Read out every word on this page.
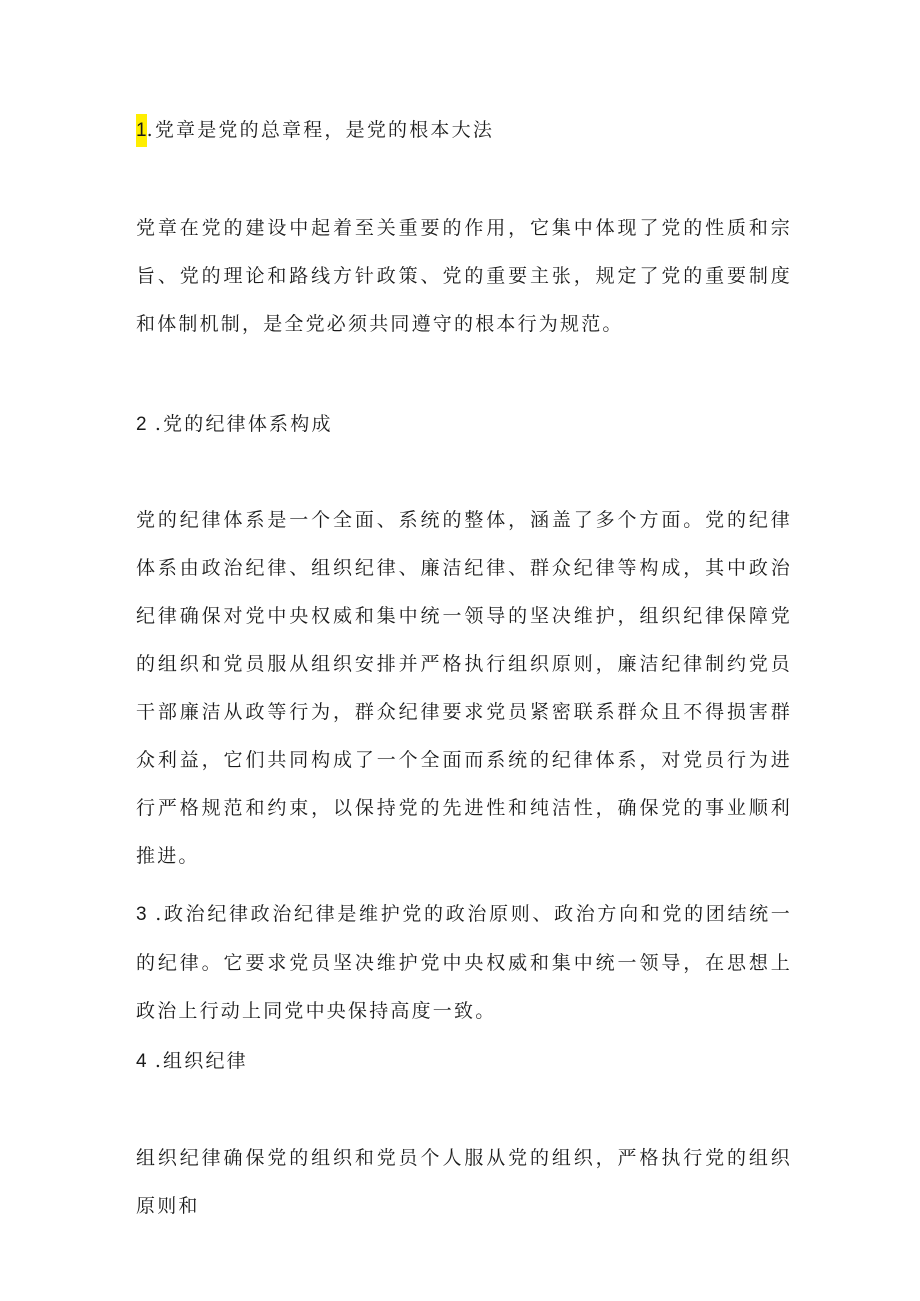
1.党章是党的总章程，是党的根本大法

党章在党的建设中起着至关重要的作用，它集中体现了党的性质和宗旨、党的理论和路线方针政策、党的重要主张，规定了党的重要制度和体制机制，是全党必须共同遵守的根本行为规范。

2 .党的纪律体系构成

党的纪律体系是一个全面、系统的整体，涵盖了多个方面。党的纪律体系由政治纪律、组织纪律、廉洁纪律、群众纪律等构成，其中政治纪律确保对党中央权威和集中统一领导的坚决维护，组织纪律保障党的组织和党员服从组织安排并严格执行组织原则，廉洁纪律制约党员干部廉洁从政等行为，群众纪律要求党员紧密联系群众且不得损害群众利益，它们共同构成了一个全面而系统的纪律体系，对党员行为进行严格规范和约束，以保持党的先进性和纯洁性，确保党的事业顺利推进。

3 .政治纪律政治纪律是维护党的政治原则、政治方向和党的团结统一的纪律。它要求党员坚决维护党中央权威和集中统一领导，在思想上政治上行动上同党中央保持高度一致。

4 .组织纪律

组织纪律确保党的组织和党员个人服从党的组织，严格执行党的组织原则和
